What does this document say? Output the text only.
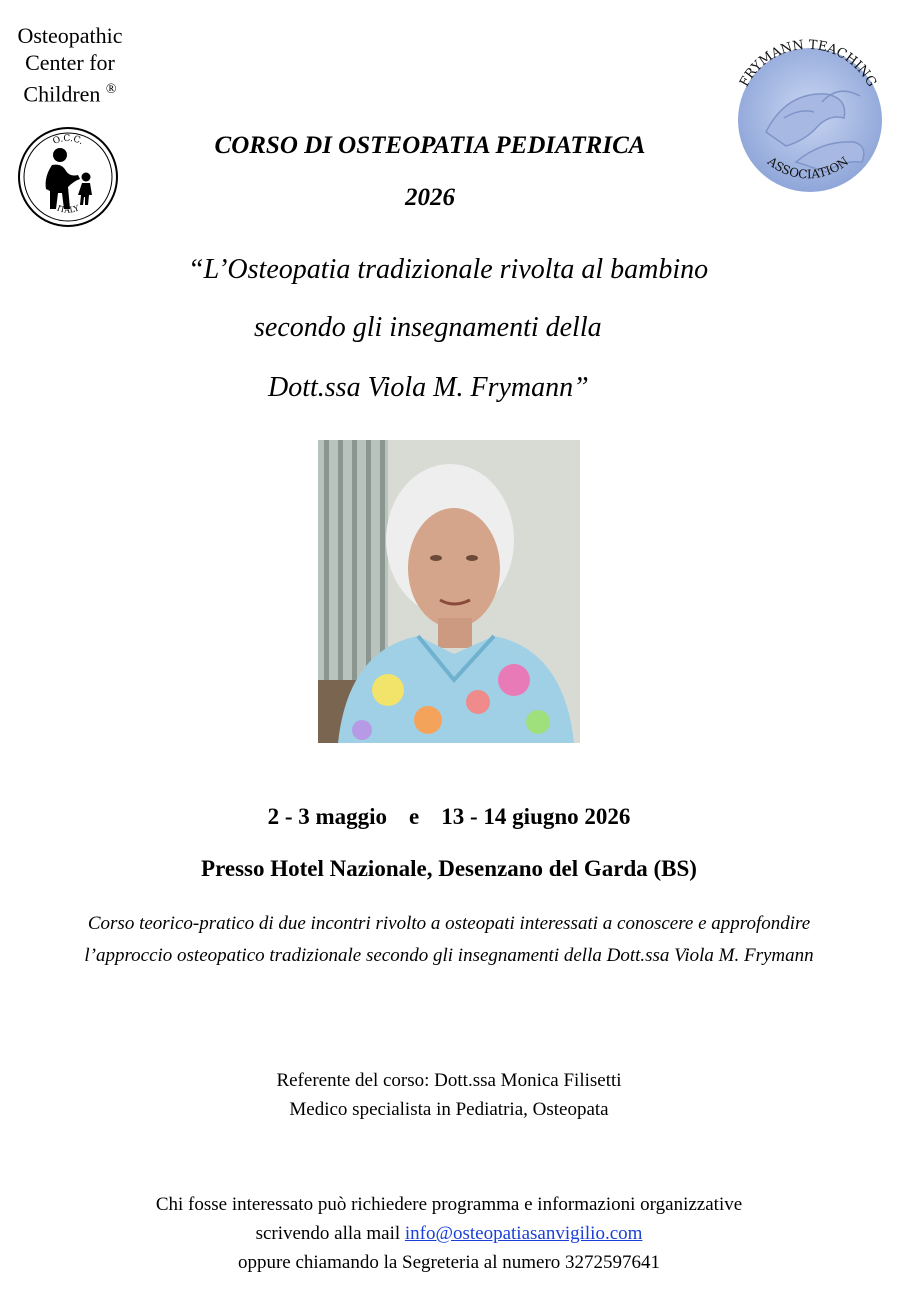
Osteopathic
Center for
Children ®
O.C.C.
ITALY
FRYMANN TEACHING
ASSOCIATION
CORSO DI OSTEOPATIA PEDIATRICA
2026
“L’Osteopatia tradizionale rivolta al bambino
secondo gli insegnamenti della
Dott.ssa Viola M. Frymann”
2 - 3 maggio e 13 - 14 giugno 2026
Presso Hotel Nazionale, Desenzano del Garda (BS)
Corso teorico-pratico di due incontri rivolto a osteopati interessati a conoscere e approfondire l’approccio osteopatico tradizionale secondo gli insegnamenti della Dott.ssa Viola M. Frymann
Referente del corso: Dott.ssa Monica Filisetti
Medico specialista in Pediatria, Osteopata
Chi fosse interessato può richiedere programma e informazioni organizzative
scrivendo alla mail info@osteopatiasanvigilio.com
oppure chiamando la Segreteria al numero 3272597641
